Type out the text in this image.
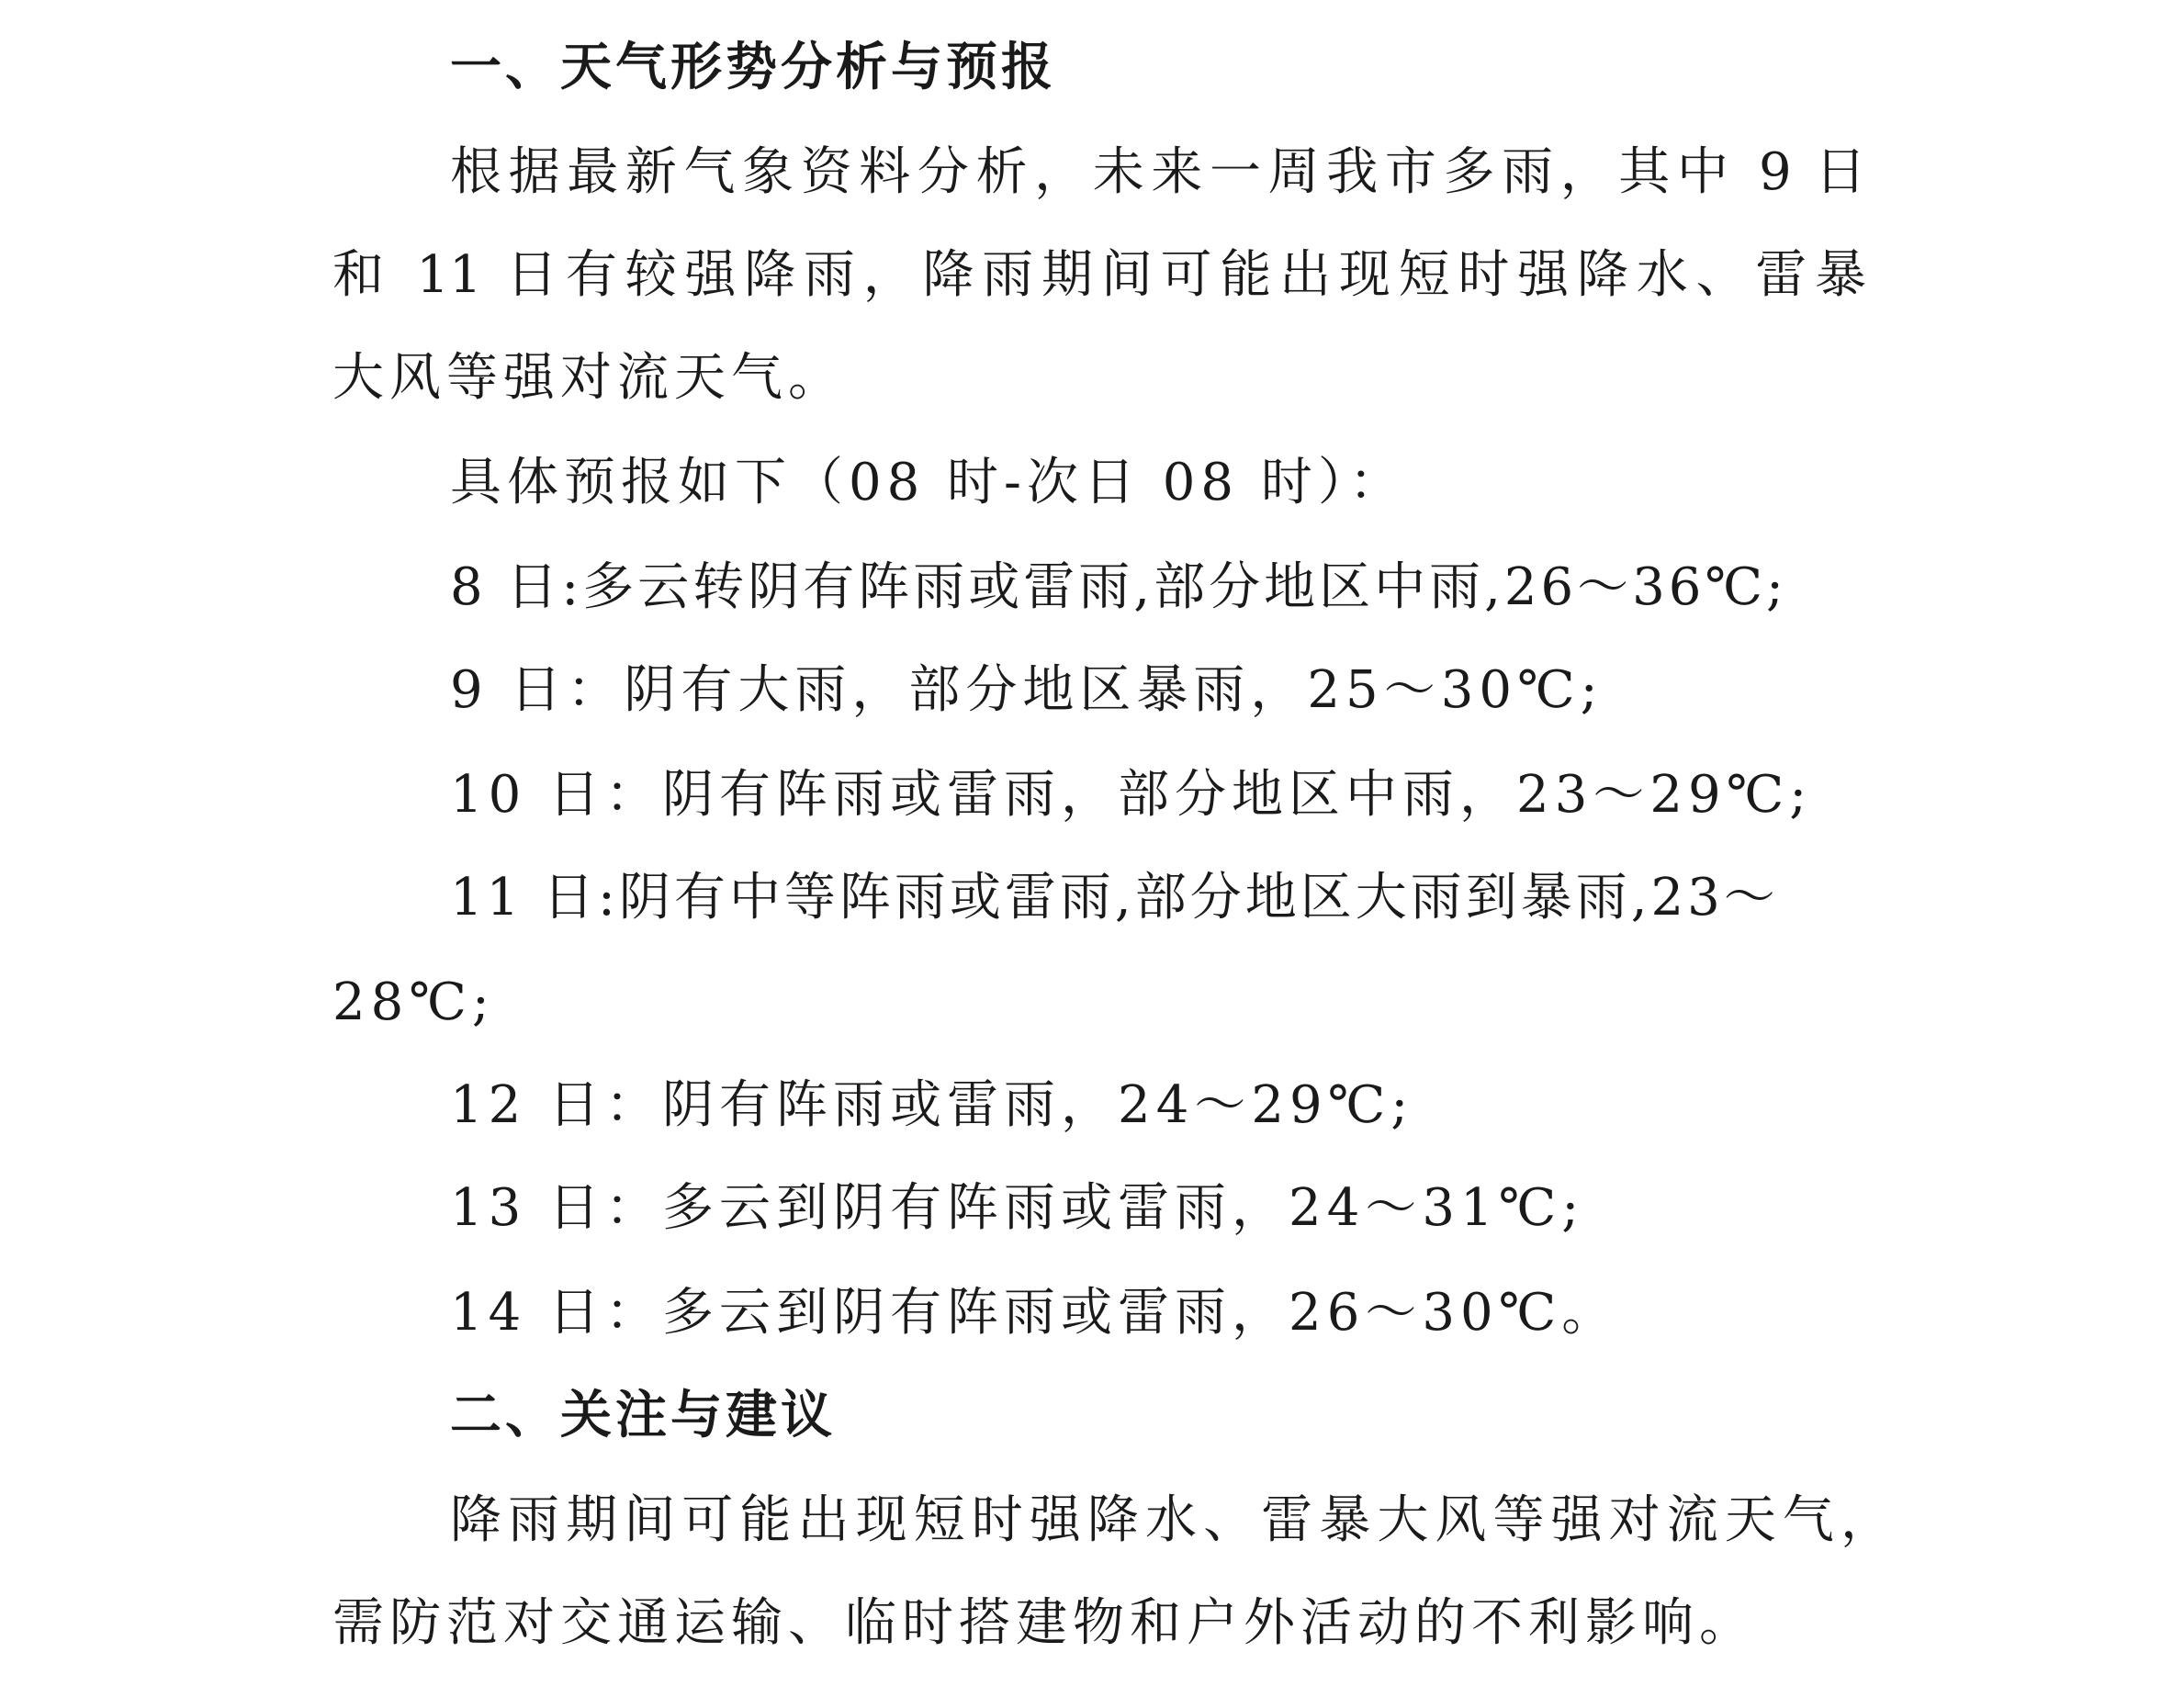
一、天气形势分析与预报
根据最新气象资料分析，未来一周我市多雨，其中 9 日
和 11 日有较强降雨，降雨期间可能出现短时强降水、雷暴
大风等强对流天气。
具体预报如下（08 时-次日 08 时）：
8 日:多云转阴有阵雨或雷雨,部分地区中雨,26～36℃;
9 日：阴有大雨，部分地区暴雨，25～30℃;
10 日：阴有阵雨或雷雨，部分地区中雨，23～29℃;
11 日:阴有中等阵雨或雷雨,部分地区大雨到暴雨,23～
28℃;
12 日：阴有阵雨或雷雨，24～29℃;
13 日：多云到阴有阵雨或雷雨，24～31℃;
14 日：多云到阴有阵雨或雷雨，26～30℃。
二、关注与建议
降雨期间可能出现短时强降水、雷暴大风等强对流天气，
需防范对交通运输、临时搭建物和户外活动的不利影响。
